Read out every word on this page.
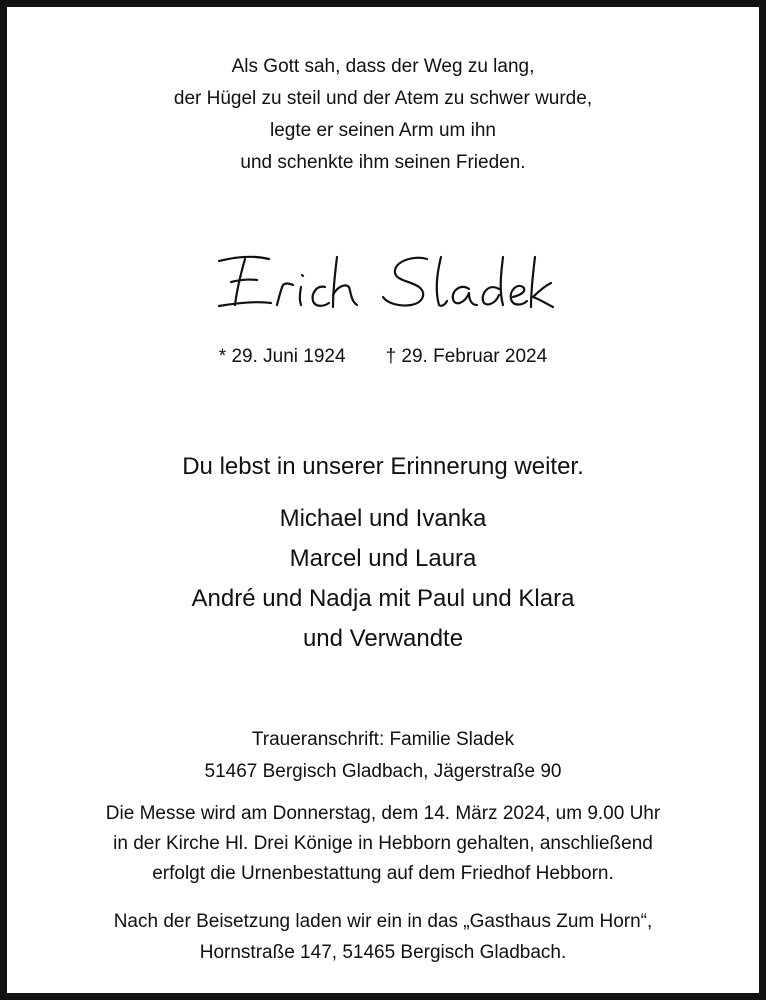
Als Gott sah, dass der Weg zu lang,
der Hügel zu steil und der Atem zu schwer wurde,
legte er seinen Arm um ihn
und schenkte ihm seinen Frieden.
* 29. Juni 1924 † 29. Februar 2024
Du lebst in unserer Erinnerung weiter.
Michael und Ivanka
Marcel und Laura
André und Nadja mit Paul und Klara
und Verwandte
Traueranschrift: Familie Sladek
51467 Bergisch Gladbach, Jägerstraße 90
Die Messe wird am Donnerstag, dem 14. März 2024, um 9.00 Uhr
in der Kirche Hl. Drei Könige in Hebborn gehalten, anschließend
erfolgt die Urnenbestattung auf dem Friedhof Hebborn.
Nach der Beisetzung laden wir ein in das „Gasthaus Zum Horn“,
Hornstraße 147, 51465 Bergisch Gladbach.
